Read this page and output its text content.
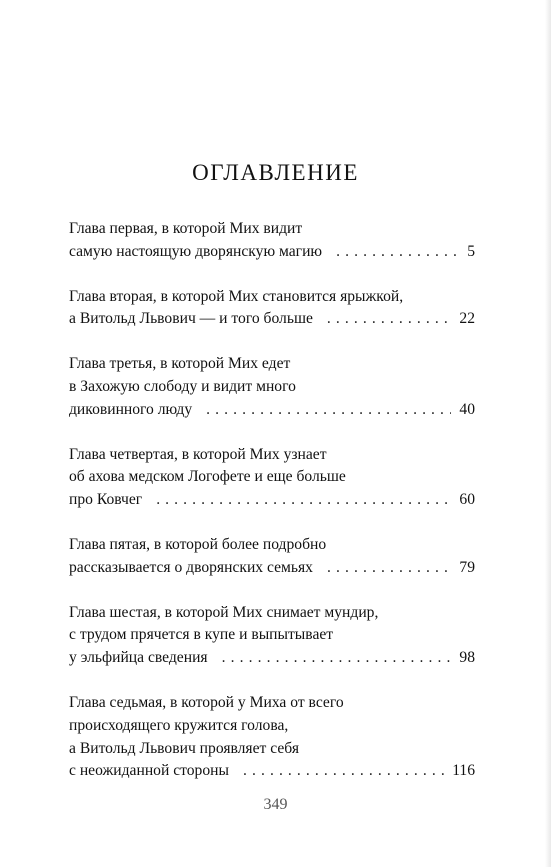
ОГЛАВЛЕНИЕ
Глава первая, в которой Мих видит
самую настоящую дворянскую магию . . .	5
Глава вторая, в которой Мих становится ярыжкой,
а Витольд Львович — и того больше . . .	22
Глава третья, в которой Мих едет
в Захожую слободу и видит много
диковинного люду . . .	40
Глава четвертая, в которой Мих узнает
об ахова медском Логофете и еще больше
про Ковчег . . .	60
Глава пятая, в которой более подробно
рассказывается о дворянских семьях . . .	79
Глава шестая, в которой Мих снимает мундир,
с трудом прячется в купе и выпытывает
у эльфийца сведения . . .	98
Глава седьмая, в которой у Миха от всего
происходящего кружится голова,
а Витольд Львович проявляет себя
с неожиданной стороны . . .	116
349
